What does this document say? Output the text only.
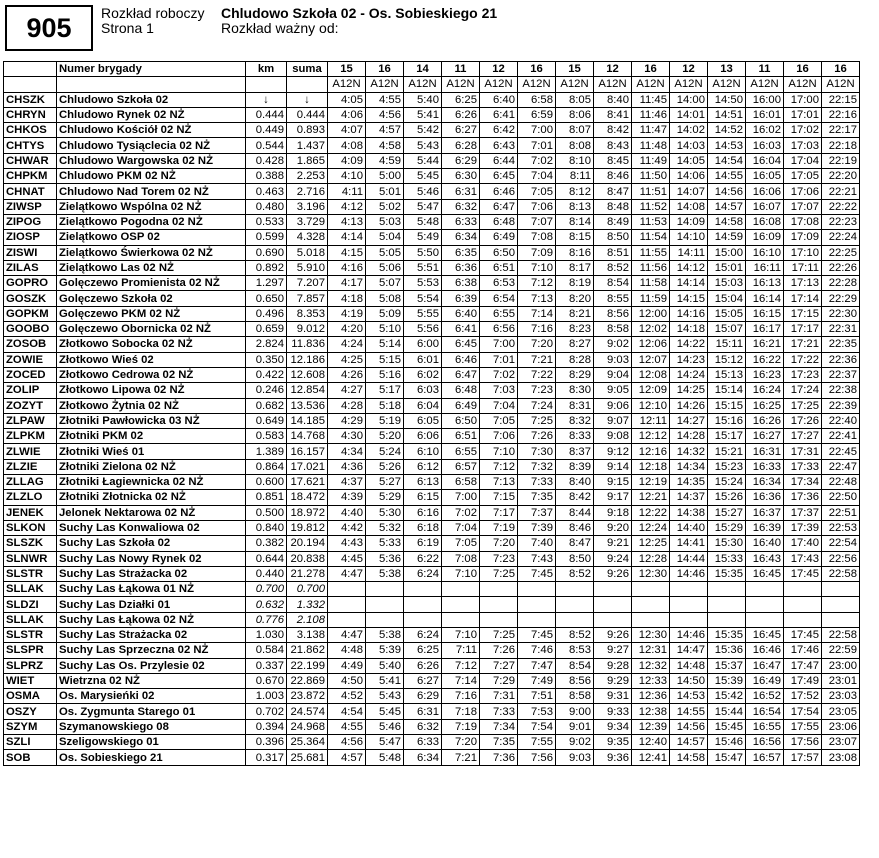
905	Rozkład roboczy	Chludowo Szkoła 02 - Os. Sobieskiego 21
Strona 1	Rozkład ważny od:
	Numer brygady	km	suma	15	16	14	11	12	16	15	12	16	12	13	11	16	16
				A12N	A12N	A12N	A12N	A12N	A12N	A12N	A12N	A12N	A12N	A12N	A12N	A12N	A12N
CHSZK	Chludowo Szkoła 02	↓	↓	4:05	4:55	5:40	6:25	6:40	6:58	8:05	8:40	11:45	14:00	14:50	16:00	17:00	22:15
CHRYN	Chludowo Rynek 02 NŻ	0.444	0.444	4:06	4:56	5:41	6:26	6:41	6:59	8:06	8:41	11:46	14:01	14:51	16:01	17:01	22:16
CHKOS	Chludowo Kościół 02 NŻ	0.449	0.893	4:07	4:57	5:42	6:27	6:42	7:00	8:07	8:42	11:47	14:02	14:52	16:02	17:02	22:17
CHTYS	Chludowo Tysiąclecia 02 NŻ	0.544	1.437	4:08	4:58	5:43	6:28	6:43	7:01	8:08	8:43	11:48	14:03	14:53	16:03	17:03	22:18
CHWAR	Chludowo Wargowska 02 NŻ	0.428	1.865	4:09	4:59	5:44	6:29	6:44	7:02	8:10	8:45	11:49	14:05	14:54	16:04	17:04	22:19
CHPKM	Chludowo PKM 02 NŻ	0.388	2.253	4:10	5:00	5:45	6:30	6:45	7:04	8:11	8:46	11:50	14:06	14:55	16:05	17:05	22:20
CHNAT	Chludowo Nad Torem 02 NŻ	0.463	2.716	4:11	5:01	5:46	6:31	6:46	7:05	8:12	8:47	11:51	14:07	14:56	16:06	17:06	22:21
ZIWSP	Zielątkowo Wspólna 02 NŻ	0.480	3.196	4:12	5:02	5:47	6:32	6:47	7:06	8:13	8:48	11:52	14:08	14:57	16:07	17:07	22:22
ZIPOG	Zielątkowo Pogodna 02 NŻ	0.533	3.729	4:13	5:03	5:48	6:33	6:48	7:07	8:14	8:49	11:53	14:09	14:58	16:08	17:08	22:23
ZIOSP	Zielątkowo OSP 02	0.599	4.328	4:14	5:04	5:49	6:34	6:49	7:08	8:15	8:50	11:54	14:10	14:59	16:09	17:09	22:24
ZISWI	Zielątkowo Świerkowa 02 NŻ	0.690	5.018	4:15	5:05	5:50	6:35	6:50	7:09	8:16	8:51	11:55	14:11	15:00	16:10	17:10	22:25
ZILAS	Zielątkowo Las 02 NŻ	0.892	5.910	4:16	5:06	5:51	6:36	6:51	7:10	8:17	8:52	11:56	14:12	15:01	16:11	17:11	22:26
GOPRO	Golęczewo Promienista 02 NŻ	1.297	7.207	4:17	5:07	5:53	6:38	6:53	7:12	8:19	8:54	11:58	14:14	15:03	16:13	17:13	22:28
GOSZK	Golęczewo Szkoła 02	0.650	7.857	4:18	5:08	5:54	6:39	6:54	7:13	8:20	8:55	11:59	14:15	15:04	16:14	17:14	22:29
GOPKM	Golęczewo PKM 02 NŻ	0.496	8.353	4:19	5:09	5:55	6:40	6:55	7:14	8:21	8:56	12:00	14:16	15:05	16:15	17:15	22:30
GOOBO	Golęczewo Obornicka 02 NŻ	0.659	9.012	4:20	5:10	5:56	6:41	6:56	7:16	8:23	8:58	12:02	14:18	15:07	16:17	17:17	22:31
ZOSOB	Złotkowo Sobocka 02 NŻ	2.824	11.836	4:24	5:14	6:00	6:45	7:00	7:20	8:27	9:02	12:06	14:22	15:11	16:21	17:21	22:35
ZOWIE	Złotkowo Wieś 02	0.350	12.186	4:25	5:15	6:01	6:46	7:01	7:21	8:28	9:03	12:07	14:23	15:12	16:22	17:22	22:36
ZOCED	Złotkowo Cedrowa 02 NŻ	0.422	12.608	4:26	5:16	6:02	6:47	7:02	7:22	8:29	9:04	12:08	14:24	15:13	16:23	17:23	22:37
ZOLIP	Złotkowo Lipowa 02 NŻ	0.246	12.854	4:27	5:17	6:03	6:48	7:03	7:23	8:30	9:05	12:09	14:25	15:14	16:24	17:24	22:38
ZOZYT	Złotkowo Żytnia 02 NŻ	0.682	13.536	4:28	5:18	6:04	6:49	7:04	7:24	8:31	9:06	12:10	14:26	15:15	16:25	17:25	22:39
ZLPAW	Złotniki Pawłowicka 03 NŻ	0.649	14.185	4:29	5:19	6:05	6:50	7:05	7:25	8:32	9:07	12:11	14:27	15:16	16:26	17:26	22:40
ZLPKM	Złotniki PKM 02	0.583	14.768	4:30	5:20	6:06	6:51	7:06	7:26	8:33	9:08	12:12	14:28	15:17	16:27	17:27	22:41
ZLWIE	Złotniki Wieś 01	1.389	16.157	4:34	5:24	6:10	6:55	7:10	7:30	8:37	9:12	12:16	14:32	15:21	16:31	17:31	22:45
ZLZIE	Złotniki Zielona 02 NŻ	0.864	17.021	4:36	5:26	6:12	6:57	7:12	7:32	8:39	9:14	12:18	14:34	15:23	16:33	17:33	22:47
ZLLAG	Złotniki Łagiewnicka 02 NŻ	0.600	17.621	4:37	5:27	6:13	6:58	7:13	7:33	8:40	9:15	12:19	14:35	15:24	16:34	17:34	22:48
ZLZLO	Złotniki Złotnicka 02 NŻ	0.851	18.472	4:39	5:29	6:15	7:00	7:15	7:35	8:42	9:17	12:21	14:37	15:26	16:36	17:36	22:50
JENEK	Jelonek Nektarowa 02 NŻ	0.500	18.972	4:40	5:30	6:16	7:02	7:17	7:37	8:44	9:18	12:22	14:38	15:27	16:37	17:37	22:51
SLKON	Suchy Las Konwaliowa 02	0.840	19.812	4:42	5:32	6:18	7:04	7:19	7:39	8:46	9:20	12:24	14:40	15:29	16:39	17:39	22:53
SLSZK	Suchy Las Szkoła 02	0.382	20.194	4:43	5:33	6:19	7:05	7:20	7:40	8:47	9:21	12:25	14:41	15:30	16:40	17:40	22:54
SLNWR	Suchy Las Nowy Rynek 02	0.644	20.838	4:45	5:36	6:22	7:08	7:23	7:43	8:50	9:24	12:28	14:44	15:33	16:43	17:43	22:56
SLSTR	Suchy Las Strażacka 02	0.440	21.278	4:47	5:38	6:24	7:10	7:25	7:45	8:52	9:26	12:30	14:46	15:35	16:45	17:45	22:58
SLLAK	Suchy Las Łąkowa 01 NŻ	0.700	0.700														
SLDZI	Suchy Las Działki 01	0.632	1.332														
SLLAK	Suchy Las Łąkowa 02 NŻ	0.776	2.108														
SLSTR	Suchy Las Strażacka 02	1.030	3.138	4:47	5:38	6:24	7:10	7:25	7:45	8:52	9:26	12:30	14:46	15:35	16:45	17:45	22:58
SLSPR	Suchy Las Sprzeczna 02 NŻ	0.584	21.862	4:48	5:39	6:25	7:11	7:26	7:46	8:53	9:27	12:31	14:47	15:36	16:46	17:46	22:59
SLPRZ	Suchy Las Os. Przylesie 02	0.337	22.199	4:49	5:40	6:26	7:12	7:27	7:47	8:54	9:28	12:32	14:48	15:37	16:47	17:47	23:00
WIET	Wietrzna 02 NŻ	0.670	22.869	4:50	5:41	6:27	7:14	7:29	7:49	8:56	9:29	12:33	14:50	15:39	16:49	17:49	23:01
OSMA	Os. Marysieńki 02	1.003	23.872	4:52	5:43	6:29	7:16	7:31	7:51	8:58	9:31	12:36	14:53	15:42	16:52	17:52	23:03
OSZY	Os. Zygmunta Starego 01	0.702	24.574	4:54	5:45	6:31	7:18	7:33	7:53	9:00	9:33	12:38	14:55	15:44	16:54	17:54	23:05
SZYM	Szymanowskiego 08	0.394	24.968	4:55	5:46	6:32	7:19	7:34	7:54	9:01	9:34	12:39	14:56	15:45	16:55	17:55	23:06
SZLI	Szeligowskiego 01	0.396	25.364	4:56	5:47	6:33	7:20	7:35	7:55	9:02	9:35	12:40	14:57	15:46	16:56	17:56	23:07
SOB	Os. Sobieskiego 21	0.317	25.681	4:57	5:48	6:34	7:21	7:36	7:56	9:03	9:36	12:41	14:58	15:47	16:57	17:57	23:08
